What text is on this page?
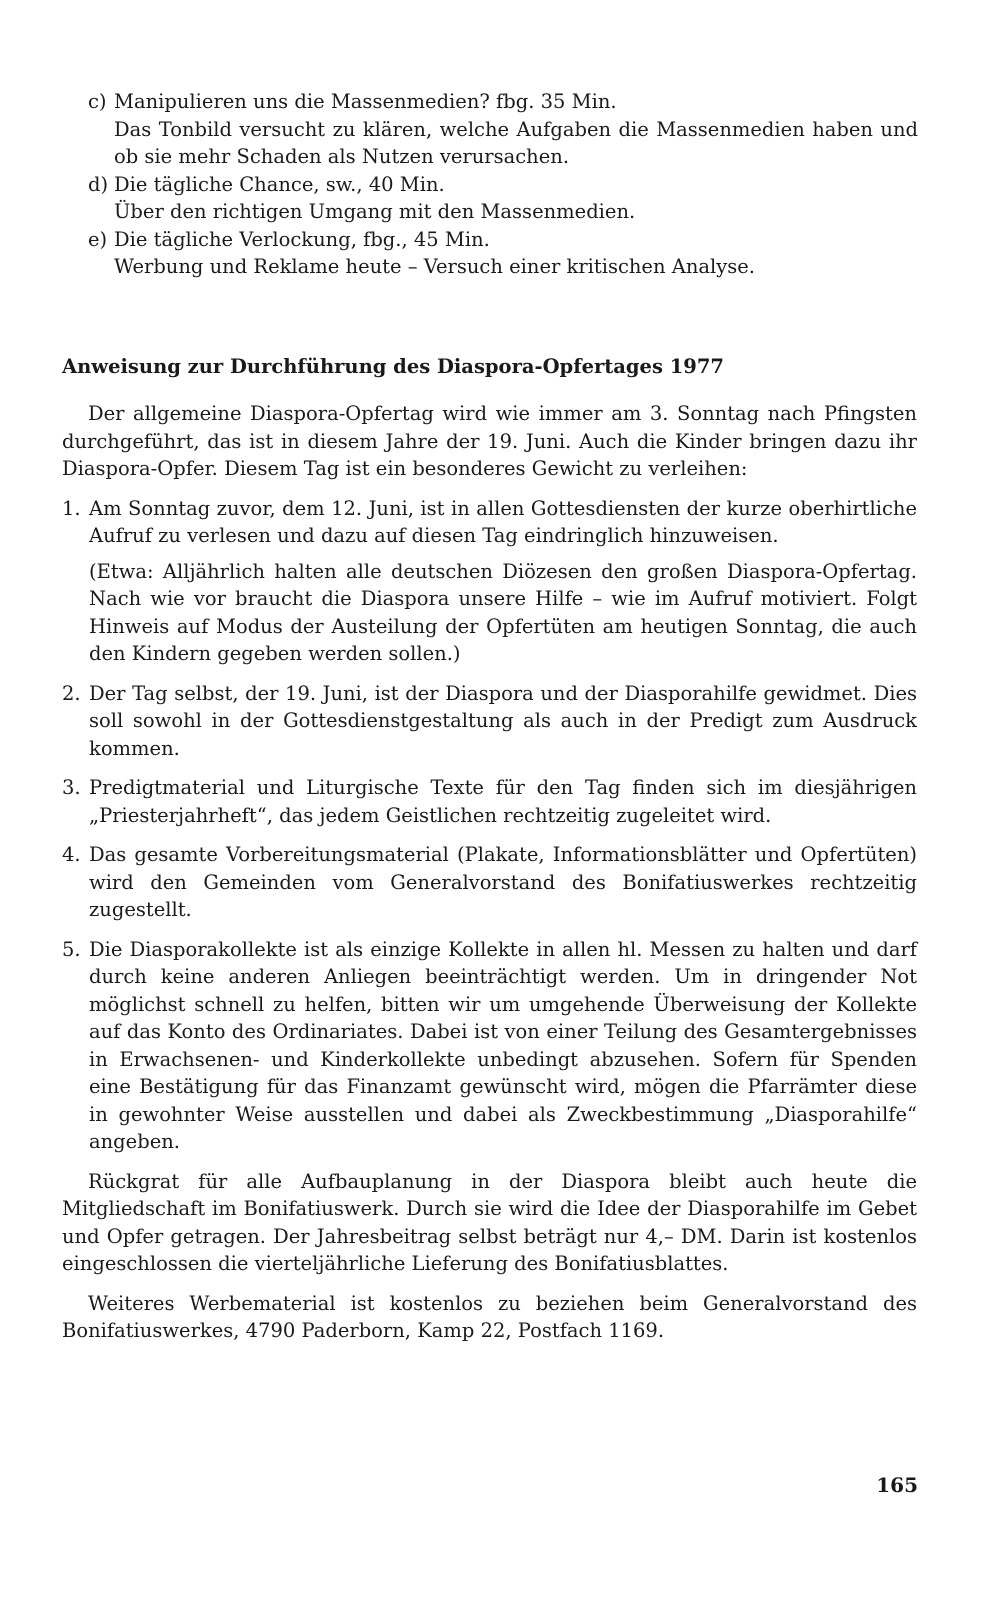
c) Manipulieren uns die Massenmedien? fbg. 35 Min.
Das Tonbild versucht zu klären, welche Aufgaben die Massenmedien haben und ob sie mehr Schaden als Nutzen verursachen.
d) Die tägliche Chance, sw., 40 Min.
Über den richtigen Umgang mit den Massenmedien.
e) Die tägliche Verlockung, fbg., 45 Min.
Werbung und Reklame heute – Versuch einer kritischen Analyse.
Anweisung zur Durchführung des Diaspora-Opfertages 1977

Der allgemeine Diaspora-Opfertag wird wie immer am 3. Sonntag nach Pfingsten durchgeführt, das ist in diesem Jahre der 19. Juni. Auch die Kinder bringen dazu ihr Diaspora-Opfer. Diesem Tag ist ein besonderes Gewicht zu verleihen:

1. Am Sonntag zuvor, dem 12. Juni, ist in allen Gottesdiensten der kurze oberhirtliche Aufruf zu verlesen und dazu auf diesen Tag eindringlich hinzuweisen.
(Etwa: Alljährlich halten alle deutschen Diözesen den großen Diaspora-Opfertag. Nach wie vor braucht die Diaspora unsere Hilfe – wie im Aufruf motiviert. Folgt Hinweis auf Modus der Austeilung der Opfertüten am heutigen Sonntag, die auch den Kindern gegeben werden sollen.)
2. Der Tag selbst, der 19. Juni, ist der Diaspora und der Diasporahilfe gewidmet. Dies soll sowohl in der Gottesdienstgestaltung als auch in der Predigt zum Ausdruck kommen.
3. Predigtmaterial und Liturgische Texte für den Tag finden sich im diesjährigen „Priesterjahrheft“, das jedem Geistlichen rechtzeitig zugeleitet wird.
4. Das gesamte Vorbereitungsmaterial (Plakate, Informationsblätter und Opfertüten) wird den Gemeinden vom Generalvorstand des Bonifatiuswerkes rechtzeitig zugestellt.
5. Die Diasporakollekte ist als einzige Kollekte in allen hl. Messen zu halten und darf durch keine anderen Anliegen beeinträchtigt werden. Um in dringender Not möglichst schnell zu helfen, bitten wir um umgehende Überweisung der Kollekte auf das Konto des Ordinariates. Dabei ist von einer Teilung des Gesamtergebnisses in Erwachsenen- und Kinderkollekte unbedingt abzusehen. Sofern für Spenden eine Bestätigung für das Finanzamt gewünscht wird, mögen die Pfarrämter diese in gewohnter Weise ausstellen und dabei als Zweckbestimmung „Diasporahilfe“ angeben.

Rückgrat für alle Aufbauplanung in der Diaspora bleibt auch heute die Mitgliedschaft im Bonifatiuswerk. Durch sie wird die Idee der Diasporahilfe im Gebet und Opfer getragen. Der Jahresbeitrag selbst beträgt nur 4,– DM. Darin ist kostenlos eingeschlossen die vierteljährliche Lieferung des Bonifatiusblattes.

Weiteres Werbematerial ist kostenlos zu beziehen beim Generalvorstand des Bonifatiuswerkes, 4790 Paderborn, Kamp 22, Postfach 1169.

165
